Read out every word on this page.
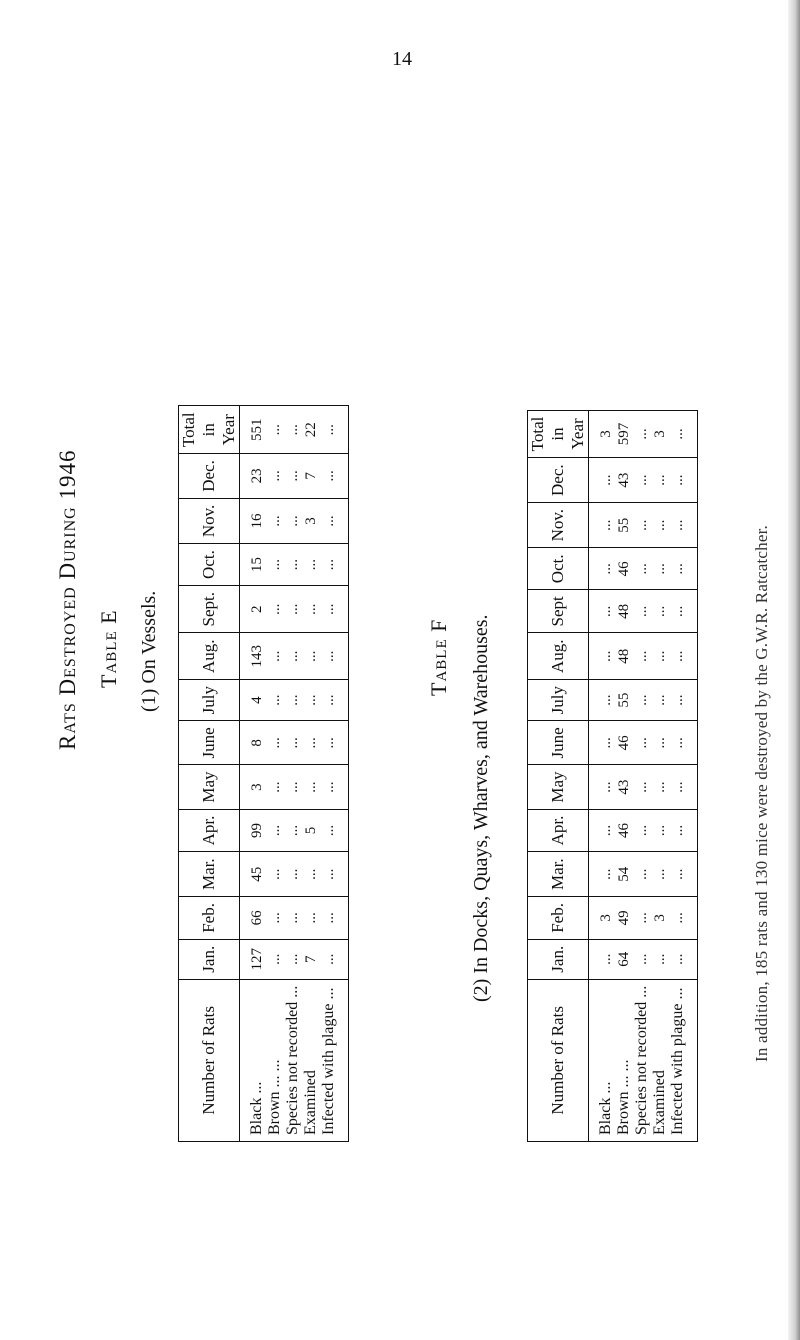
14
Rats Destroyed During 1946 Table E (1) On Vessels.
Number of Rats	Jan.	Feb.	Mar.	Apr.	May	June	July	Aug.	Sept.	Oct.	Nov.	Dec.	Total in Year
Black ...	127	66	45	99	3	8	4	143	2	15	16	23	551
Brown ... ...	...	...	...	...	...	...	...	...	...	...	...	...	...
Species not recorded ...	...	...	...	...	...	...	...	...	...	...	...	...	...
Examined	7	...	...	5	...	...	...	...	...	...	3	7	22
Infected with plague ...	...	...	...	...	...	...	...	...	...	...	...	...	...
Table F (2) In Docks, Quays, Wharves, and Warehouses.
Number of Rats	Jan.	Feb.	Mar.	Apr.	May	June	July	Aug.	Sept	Oct.	Nov.	Dec.	Total in Year
Black ...	...	3	...	...	...	...	...	...	...	...	...	...	3
Brown ... ...	64	49	54	46	43	46	55	48	48	46	55	43	597
Species not recorded ...	...	...	...	...	...	...	...	...	...	...	...	...	...
Examined	...	3	...	...	...	...	...	...	...	...	...	...	3
Infected with plague ...	...	...	...	...	...	...	...	...	...	...	...	...	...
In addition, 185 rats and 130 mice were destroyed by the G.W.R. Ratcatcher.
